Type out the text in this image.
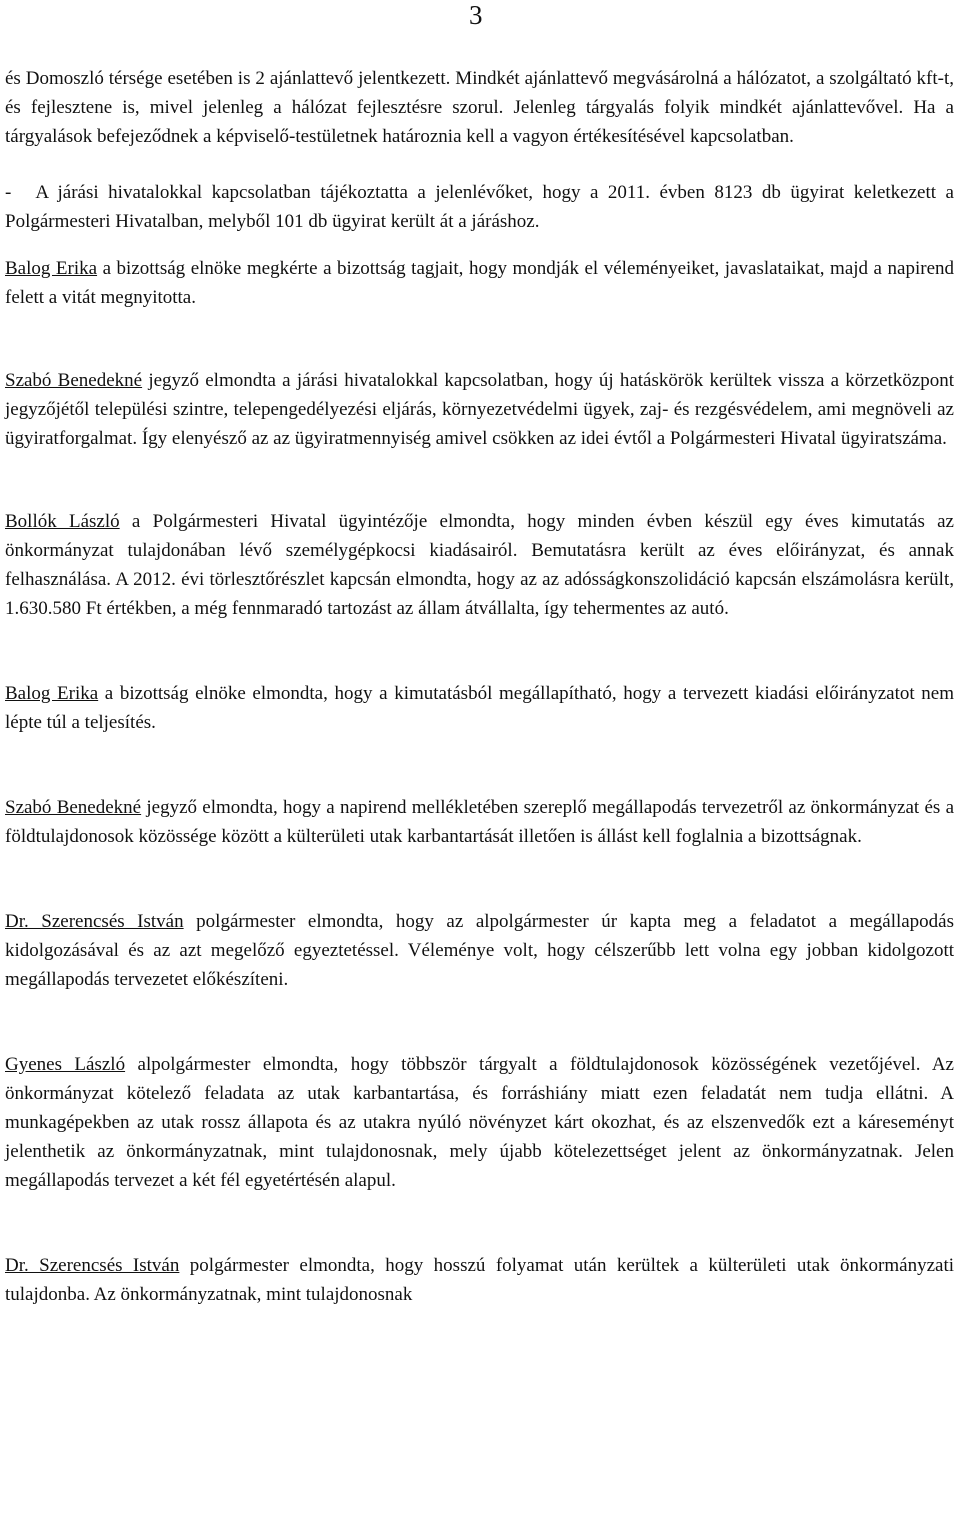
3

és Domoszló térsége esetében is 2 ajánlattevő jelentkezett. Mindkét ajánlattevő megvásárolná a hálózatot, a szolgáltató kft-t, és fejlesztene is, mivel jelenleg a hálózat fejlesztésre szorul. Jelenleg tárgyalás folyik mindkét ajánlattevővel. Ha a tárgyalások befejeződnek a képviselő-testületnek határoznia kell a vagyon értékesítésével kapcsolatban.

- A járási hivatalokkal kapcsolatban tájékoztatta a jelenlévőket, hogy a 2011. évben 8123 db ügyirat keletkezett a Polgármesteri Hivatalban, melyből 101 db ügyirat került át a járáshoz.

Balog Erika a bizottság elnöke megkérte a bizottság tagjait, hogy mondják el véleményeiket, javaslataikat, majd a napirend felett a vitát megnyitotta.

Szabó Benedekné jegyző elmondta a járási hivatalokkal kapcsolatban, hogy új hatáskörök kerültek vissza a körzetközpont jegyzőjétől települési szintre, telepengedélyezési eljárás, környezetvédelmi ügyek, zaj- és rezgésvédelem, ami megnöveli az ügyiratforgalmat. Így elenyésző az az ügyiratmennyiség amivel csökken az idei évtől a Polgármesteri Hivatal ügyiratszáma.

Bollók László a Polgármesteri Hivatal ügyintézője elmondta, hogy minden évben készül egy éves kimutatás az önkormányzat tulajdonában lévő személygépkocsi kiadásairól. Bemutatásra került az éves előirányzat, és annak felhasználása. A 2012. évi törlesztőrészlet kapcsán elmondta, hogy az az adósságkonszolidáció kapcsán elszámolásra került, 1.630.580 Ft értékben, a még fennmaradó tartozást az állam átvállalta, így tehermentes az autó.

Balog Erika a bizottság elnöke elmondta, hogy a kimutatásból megállapítható, hogy a tervezett kiadási előirányzatot nem lépte túl a teljesítés.

Szabó Benedekné jegyző elmondta, hogy a napirend mellékletében szereplő megállapodás tervezetről az önkormányzat és a földtulajdonosok közössége között a külterületi utak karbantartását illetően is állást kell foglalnia a bizottságnak.

Dr. Szerencsés István polgármester elmondta, hogy az alpolgármester úr kapta meg a feladatot a megállapodás kidolgozásával és az azt megelőző egyeztetéssel. Véleménye volt, hogy célszerűbb lett volna egy jobban kidolgozott megállapodás tervezetet előkészíteni.

Gyenes László alpolgármester elmondta, hogy többször tárgyalt a földtulajdonosok közösségének vezetőjével. Az önkormányzat kötelező feladata az utak karbantartása, és forráshiány miatt ezen feladatát nem tudja ellátni. A munkagépekben az utak rossz állapota és az utakra nyúló növényzet kárt okozhat, és az elszenvedők ezt a káreseményt jelenthetik az önkormányzatnak, mint tulajdonosnak, mely újabb kötelezettséget jelent az önkormányzatnak. Jelen megállapodás tervezet a két fél egyetértésén alapul.

Dr. Szerencsés István polgármester elmondta, hogy hosszú folyamat után kerültek a külterületi utak önkormányzati tulajdonba. Az önkormányzatnak, mint tulajdonosnak
